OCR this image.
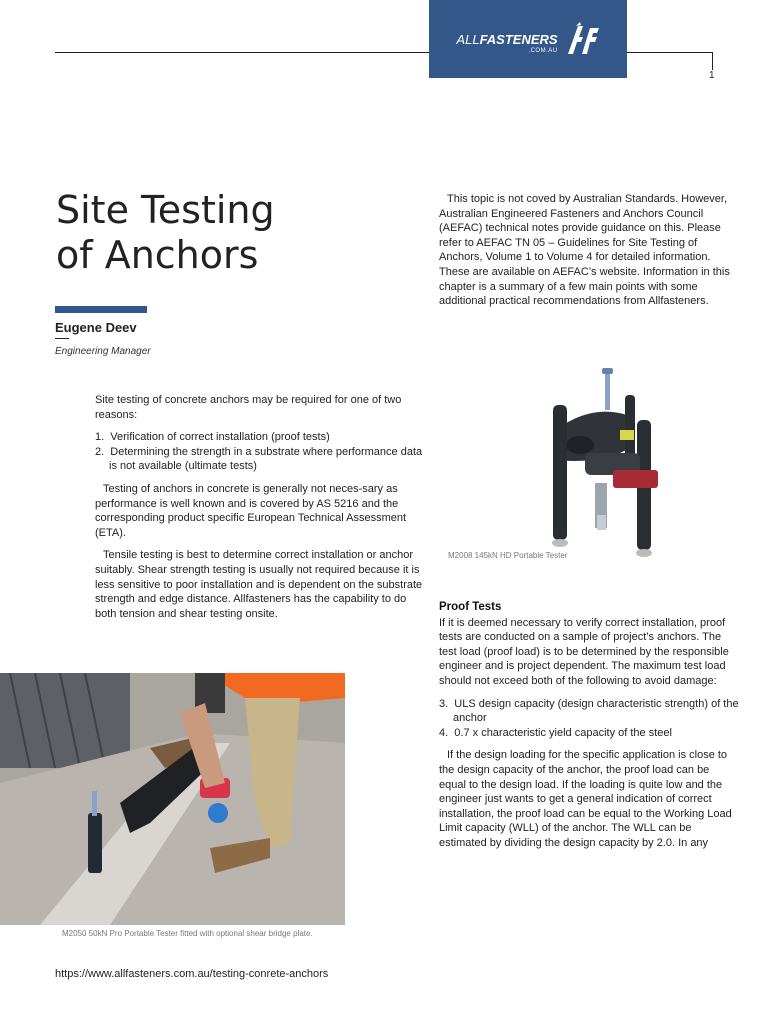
1
ALLFASTENERS
.COM.AU
Site Testing
of Anchors
Eugene Deev
Engineering Manager

This topic is not coved by Australian Standards. However, Australian Engineered Fasteners and Anchors Council (AEFAC) technical notes provide guidance on this. Please refer to AEFAC TN 05 – Guidelines for Site Testing of Anchors, Volume 1 to Volume 4 for detailed information. These are available on AEFAC’s website. Information in this chapter is a summary of a few main points with some additional practical recommendations from Allfasteners.

M2008 145kN HD Portable Tester
Proof Tests

If it is deemed necessary to verify correct installation, proof tests are conducted on a sample of project’s anchors. The test load (proof load) is to be determined by the responsible engineer and is project dependent. The maximum test load should not exceed both of the following to avoid damage:

3.  ULS design capacity (design characteristic strength) of the anchor
4.  0.7 x characteristic yield capacity of the steel

If the design loading for the specific application is close to the design capacity of the anchor, the proof load can be equal to the design load. If the loading is quite low and the engineer just wants to get a general indication of correct installation, the proof load can be equal to the Working Load Limit capacity (WLL) of the anchor. The WLL can be estimated by dividing the design capacity by 2.0. In any

Site testing of concrete anchors may be required for one of two reasons:

1.  Verification of correct installation (proof tests)
2.  Determining the strength in a substrate where performance data is not available (ultimate tests)

Testing of anchors in concrete is generally not neces-sary as performance is well known and is covered by AS 5216 and the corresponding product specific European Technical Assessment (ETA).

Tensile testing is best to determine correct installation or anchor suitably. Shear strength testing is usually not required because it is less sensitive to poor installation and is dependent on the substrate strength and edge distance. Allfasteners has the capability to do both tension and shear testing onsite.

M2050 50kN Pro Portable Tester fitted with optional shear bridge plate.
https://www.allfasteners.com.au/testing-conrete-anchors
